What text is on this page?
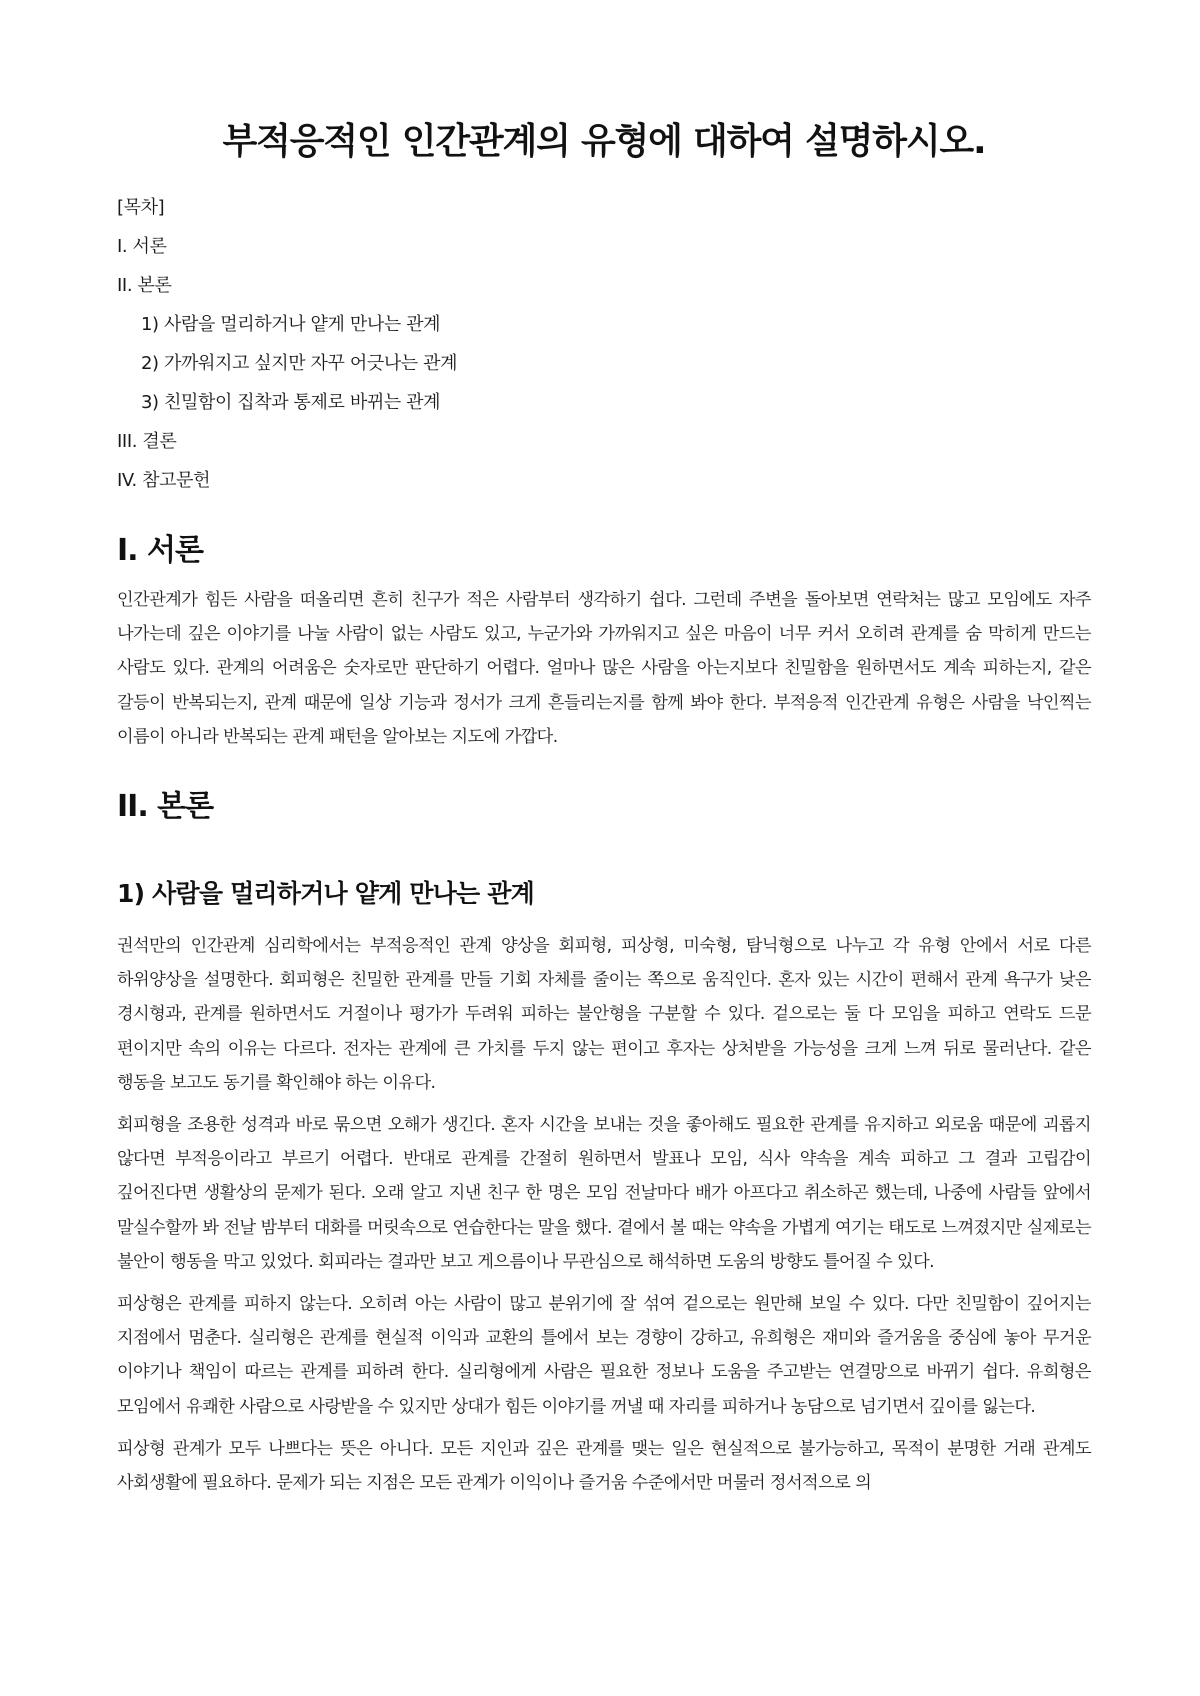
부적응적인 인간관계의 유형에 대하여 설명하시오.
[목차]
I. 서론
II. 본론
1) 사람을 멀리하거나 얕게 만나는 관계
2) 가까워지고 싶지만 자꾸 어긋나는 관계
3) 친밀함이 집착과 통제로 바뀌는 관계
III. 결론
IV. 참고문헌
I. 서론

인간관계가 힘든 사람을 떠올리면 흔히 친구가 적은 사람부터 생각하기 쉽다. 그런데 주변을 돌아보면 연락처는 많고 모임에도 자주 나가는데 깊은 이야기를 나눌 사람이 없는 사람도 있고, 누군가와 가까워지고 싶은 마음이 너무 커서 오히려 관계를 숨 막히게 만드는 사람도 있다. 관계의 어려움은 숫자로만 판단하기 어렵다. 얼마나 많은 사람을 아는지보다 친밀함을 원하면서도 계속 피하는지, 같은 갈등이 반복되는지, 관계 때문에 일상 기능과 정서가 크게 흔들리는지를 함께 봐야 한다. 부적응적 인간관계 유형은 사람을 낙인찍는 이름이 아니라 반복되는 관계 패턴을 알아보는 지도에 가깝다.

II. 본론
1) 사람을 멀리하거나 얕게 만나는 관계

권석만의 인간관계 심리학에서는 부적응적인 관계 양상을 회피형, 피상형, 미숙형, 탐닉형으로 나누고 각 유형 안에서 서로 다른 하위양상을 설명한다. 회피형은 친밀한 관계를 만들 기회 자체를 줄이는 쪽으로 움직인다. 혼자 있는 시간이 편해서 관계 욕구가 낮은 경시형과, 관계를 원하면서도 거절이나 평가가 두려워 피하는 불안형을 구분할 수 있다. 겉으로는 둘 다 모임을 피하고 연락도 드문 편이지만 속의 이유는 다르다. 전자는 관계에 큰 가치를 두지 않는 편이고 후자는 상처받을 가능성을 크게 느껴 뒤로 물러난다. 같은 행동을 보고도 동기를 확인해야 하는 이유다.

회피형을 조용한 성격과 바로 묶으면 오해가 생긴다. 혼자 시간을 보내는 것을 좋아해도 필요한 관계를 유지하고 외로움 때문에 괴롭지 않다면 부적응이라고 부르기 어렵다. 반대로 관계를 간절히 원하면서 발표나 모임, 식사 약속을 계속 피하고 그 결과 고립감이 깊어진다면 생활상의 문제가 된다. 오래 알고 지낸 친구 한 명은 모임 전날마다 배가 아프다고 취소하곤 했는데, 나중에 사람들 앞에서 말실수할까 봐 전날 밤부터 대화를 머릿속으로 연습한다는 말을 했다. 곁에서 볼 때는 약속을 가볍게 여기는 태도로 느껴졌지만 실제로는 불안이 행동을 막고 있었다. 회피라는 결과만 보고 게으름이나 무관심으로 해석하면 도움의 방향도 틀어질 수 있다.

피상형은 관계를 피하지 않는다. 오히려 아는 사람이 많고 분위기에 잘 섞여 겉으로는 원만해 보일 수 있다. 다만 친밀함이 깊어지는 지점에서 멈춘다. 실리형은 관계를 현실적 이익과 교환의 틀에서 보는 경향이 강하고, 유희형은 재미와 즐거움을 중심에 놓아 무거운 이야기나 책임이 따르는 관계를 피하려 한다. 실리형에게 사람은 필요한 정보나 도움을 주고받는 연결망으로 바뀌기 쉽다. 유희형은 모임에서 유쾌한 사람으로 사랑받을 수 있지만 상대가 힘든 이야기를 꺼낼 때 자리를 피하거나 농담으로 넘기면서 깊이를 잃는다.

피상형 관계가 모두 나쁘다는 뜻은 아니다. 모든 지인과 깊은 관계를 맺는 일은 현실적으로 불가능하고, 목적이 분명한 거래 관계도 사회생활에 필요하다. 문제가 되는 지점은 모든 관계가 이익이나 즐거움 수준에서만 머물러 정서적으로 의
